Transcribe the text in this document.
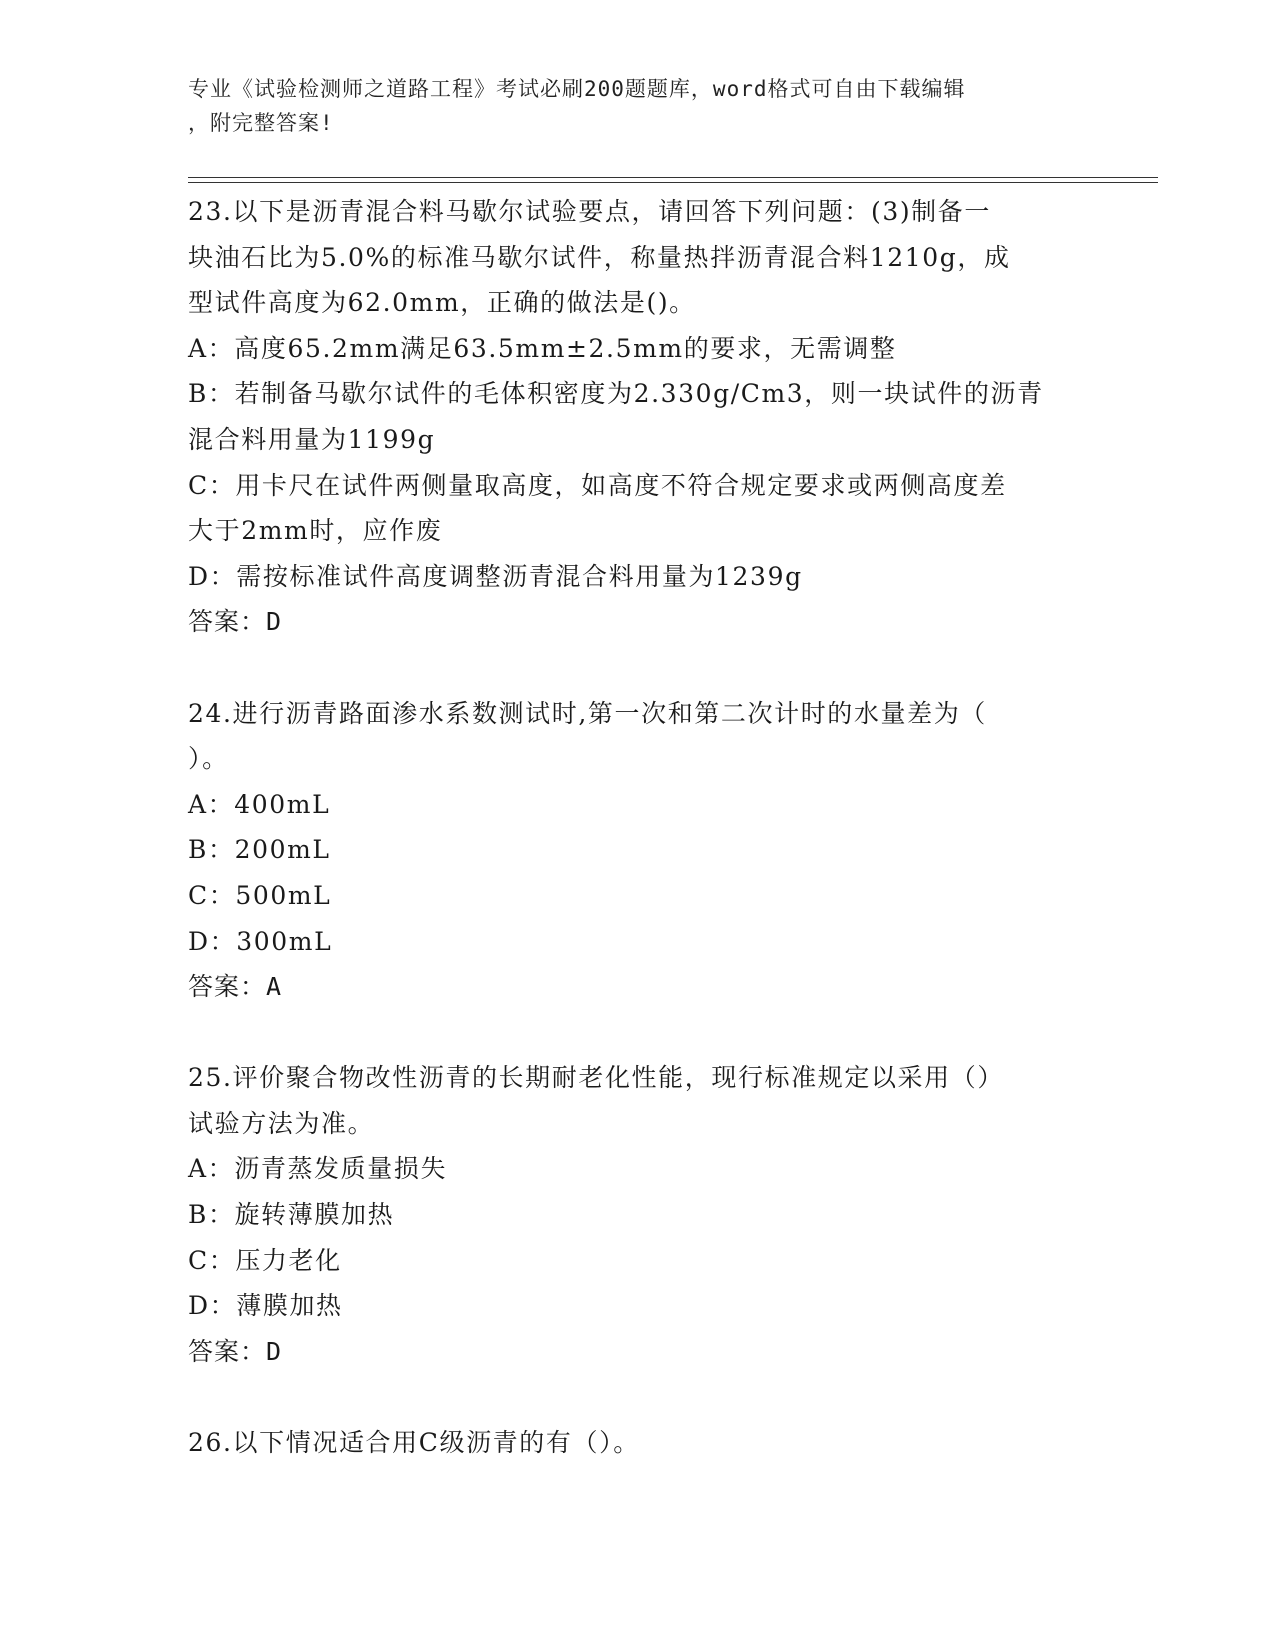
专业《试验检测师之道路工程》考试必刷200题题库，word格式可自由下载编辑
，附完整答案!
23.以下是沥青混合料马歇尔试验要点，请回答下列问题：(3)制备一
块油石比为5.0%的标准马歇尔试件，称量热拌沥青混合料1210g，成
型试件高度为62.0mm，正确的做法是()。
A：高度65.2mm满足63.5mm±2.5mm的要求，无需调整
B：若制备马歇尔试件的毛体积密度为2.330g/Cm3，则一块试件的沥青
混合料用量为1199g
C：用卡尺在试件两侧量取高度，如高度不符合规定要求或两侧高度差
大于2mm时，应作废
D：需按标准试件高度调整沥青混合料用量为1239g
答案：D
24.进行沥青路面渗水系数测试时,第一次和第二次计时的水量差为（
）。
A：400mL
B：200mL
C：500mL
D：300mL
答案：A
25.评价聚合物改性沥青的长期耐老化性能，现行标准规定以采用（）
试验方法为准。
A：沥青蒸发质量损失
B：旋转薄膜加热
C：压力老化
D：薄膜加热
答案：D
26.以下情况适合用C级沥青的有（）。
